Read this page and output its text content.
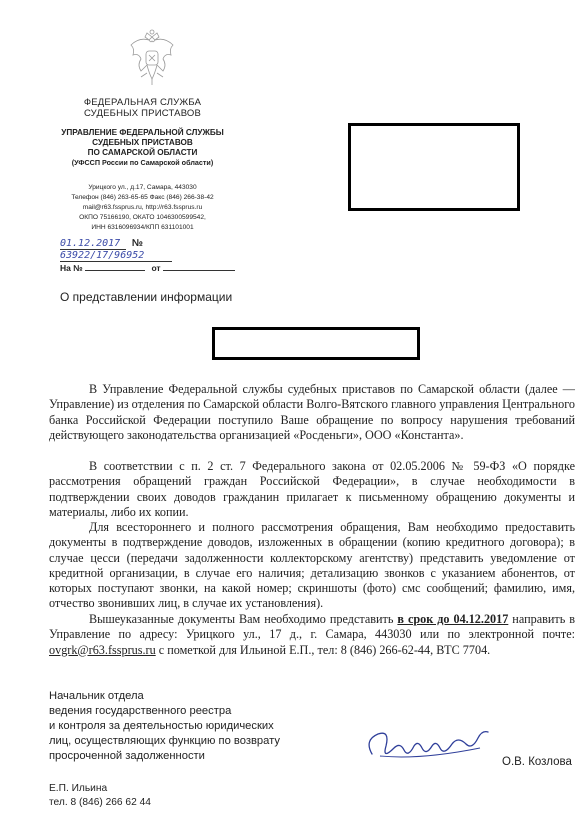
ФЕДЕРАЛЬНАЯ СЛУЖБА
СУДЕБНЫХ ПРИСТАВОВ
УПРАВЛЕНИЕ ФЕДЕРАЛЬНОЙ СЛУЖБЫ
СУДЕБНЫХ ПРИСТАВОВ
ПО САМАРСКОЙ ОБЛАСТИ
(УФССП России по Самарской области)
Урицкого ул., д.17, Самара, 443030
Телефон (846) 263-65-65 Факс (846) 266-38-42
mail@r63.fssprus.ru, http://r63.fssprus.ru
ОКПО 75166190, ОКАТО 1046300599542,
ИНН 6316096934/КПП 631101001
01.12.2017 № 63922/17/96952
На №	от
О представлении информации
В Управление Федеральной службы судебных приставов по Самарской области (далее — Управление) из отделения по Самарской области Волго-Вятского главного управления Центрального банка Российской Федерации поступило Ваше обращение по вопросу нарушения требований действующего законодательства организацией «Росденьги», ООО «Константа».
В соответствии с п. 2 ст. 7 Федерального закона от 02.05.2006 № 59-ФЗ «О порядке рассмотрения обращений граждан Российской Федерации», в случае необходимости в подтверждении своих доводов гражданин прилагает к письменному обращению документы и материалы, либо их копии.
Для всестороннего и полного рассмотрения обращения, Вам необходимо предоставить документы в подтверждение доводов, изложенных в обращении (копию кредитного договора); в случае цесси (передачи задолженности коллекторскому агентству) представить уведомление от кредитной организации, в случае его наличия; детализацию звонков с указанием абонентов, от которых поступают звонки, на какой номер; скриншоты (фото) смс сообщений; фамилию, имя, отчество звонивших лиц, в случае их установления).
Вышеуказанные документы Вам необходимо представить в срок до 04.12.2017 направить в Управление по адресу: Урицкого ул., 17 д., г. Самара, 443030 или по электронной почте: ovgrk@r63.fssprus.ru с пометкой для Ильиной Е.П., тел: 8 (846) 266-62-44, ВТС 7704.
Начальник отдела
ведения государственного реестра
и контроля за деятельностью юридических
лиц, осуществляющих функцию по возврату
просроченной задолженности	О.В. Козлова
Е.П. Ильина
тел. 8 (846) 266 62 44
